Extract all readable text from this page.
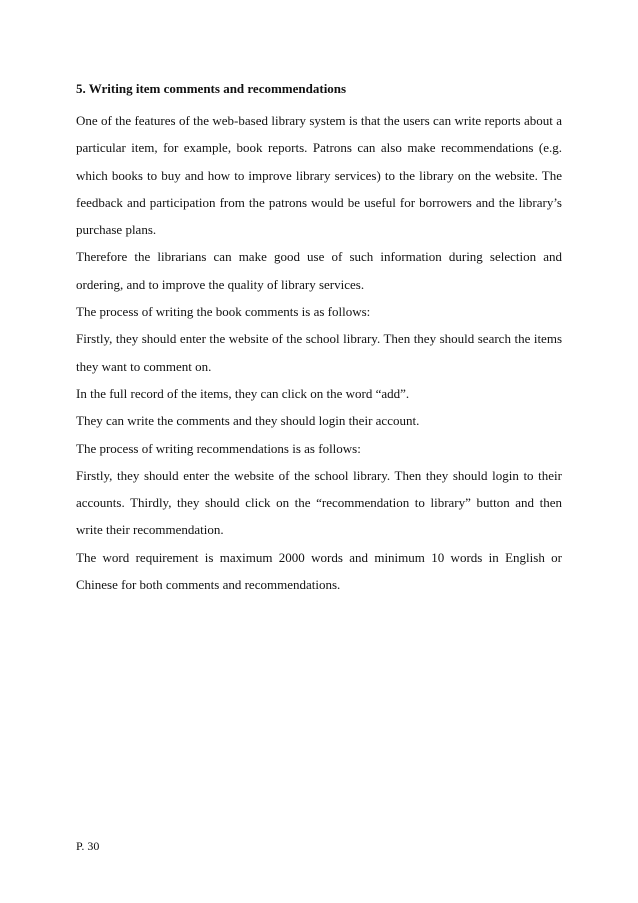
5. Writing item comments and recommendations

One of the features of the web-based library system is that the users can write reports about a particular item, for example, book reports. Patrons can also make recommendations (e.g. which books to buy and how to improve library services) to the library on the website. The feedback and participation from the patrons would be useful for borrowers and the library’s purchase plans.

Therefore the librarians can make good use of such information during selection and ordering, and to improve the quality of library services.

The process of writing the book comments is as follows:

Firstly, they should enter the website of the school library. Then they should search the items they want to comment on.

In the full record of the items, they can click on the word “add”.

They can write the comments and they should login their account.

The process of writing recommendations is as follows:

Firstly, they should enter the website of the school library. Then they should login to their accounts. Thirdly, they should click on the “recommendation to library” button and then write their recommendation.

The word requirement is maximum 2000 words and minimum 10 words in English or Chinese for both comments and recommendations.

P. 30
